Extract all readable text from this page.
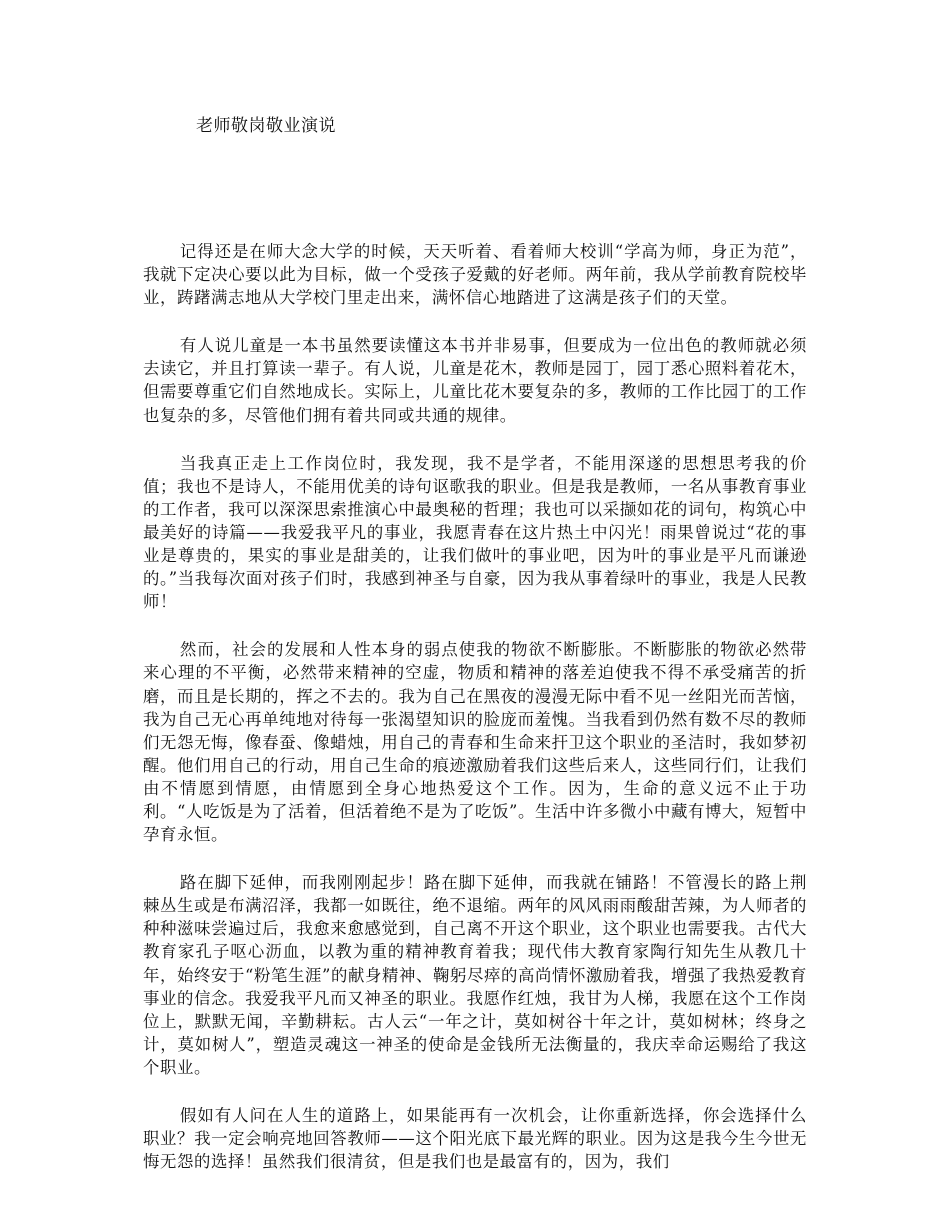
老师敬岗敬业演说

记得还是在师大念大学的时候，天天听着、看着师大校训“学高为师，身正为范”，我就下定决心要以此为目标，做一个受孩子爱戴的好老师。两年前，我从学前教育院校毕业，踌躇满志地从大学校门里走出来，满怀信心地踏进了这满是孩子们的天堂。

有人说儿童是一本书虽然要读懂这本书并非易事，但要成为一位出色的教师就必须去读它，并且打算读一辈子。有人说，儿童是花木，教师是园丁，园丁悉心照料着花木，但需要尊重它们自然地成长。实际上，儿童比花木要复杂的多，教师的工作比园丁的工作也复杂的多，尽管他们拥有着共同或共通的规律。

当我真正走上工作岗位时，我发现，我不是学者，不能用深遂的思想思考我的价值；我也不是诗人，不能用优美的诗句讴歌我的职业。但是我是教师，一名从事教育事业的工作者，我可以深深思索推演心中最奥秘的哲理；我也可以采撷如花的词句，构筑心中最美好的诗篇——我爱我平凡的事业，我愿青春在这片热土中闪光！雨果曾说过“花的事业是尊贵的，果实的事业是甜美的，让我们做叶的事业吧，因为叶的事业是平凡而谦逊的。”当我每次面对孩子们时，我感到神圣与自豪，因为我从事着绿叶的事业，我是人民教师！

然而，社会的发展和人性本身的弱点使我的物欲不断膨胀。不断膨胀的物欲必然带来心理的不平衡，必然带来精神的空虚，物质和精神的落差迫使我不得不承受痛苦的折磨，而且是长期的，挥之不去的。我为自己在黑夜的漫漫无际中看不见一丝阳光而苦恼，我为自己无心再单纯地对待每一张渴望知识的脸庞而羞愧。当我看到仍然有数不尽的教师们无怨无悔，像春蚕、像蜡烛，用自己的青春和生命来扞卫这个职业的圣洁时，我如梦初醒。他们用自己的行动，用自己生命的痕迹激励着我们这些后来人，这些同行们，让我们由不情愿到情愿，由情愿到全身心地热爱这个工作。因为，生命的意义远不止于功利。“人吃饭是为了活着，但活着绝不是为了吃饭”。生活中许多微小中藏有博大，短暂中孕育永恒。

路在脚下延伸，而我刚刚起步！路在脚下延伸，而我就在铺路！不管漫长的路上荆棘丛生或是布满沼泽，我都一如既往，绝不退缩。两年的风风雨雨酸甜苦辣，为人师者的种种滋味尝遍过后，我愈来愈感觉到，自己离不开这个职业，这个职业也需要我。古代大教育家孔子呕心沥血，以教为重的精神教育着我；现代伟大教育家陶行知先生从教几十年，始终安于“粉笔生涯”的献身精神、鞠躬尽瘁的高尚情怀激励着我，增强了我热爱教育事业的信念。我爱我平凡而又神圣的职业。我愿作红烛，我甘为人梯，我愿在这个工作岗位上，默默无闻，辛勤耕耘。古人云“一年之计，莫如树谷十年之计，莫如树林；终身之计，莫如树人”，塑造灵魂这一神圣的使命是金钱所无法衡量的，我庆幸命运赐给了我这个职业。

假如有人问在人生的道路上，如果能再有一次机会，让你重新选择，你会选择什么职业？我一定会响亮地回答教师——这个阳光底下最光辉的职业。因为这是我今生今世无悔无怨的选择！虽然我们很清贫，但是我们也是最富有的，因为，我们
